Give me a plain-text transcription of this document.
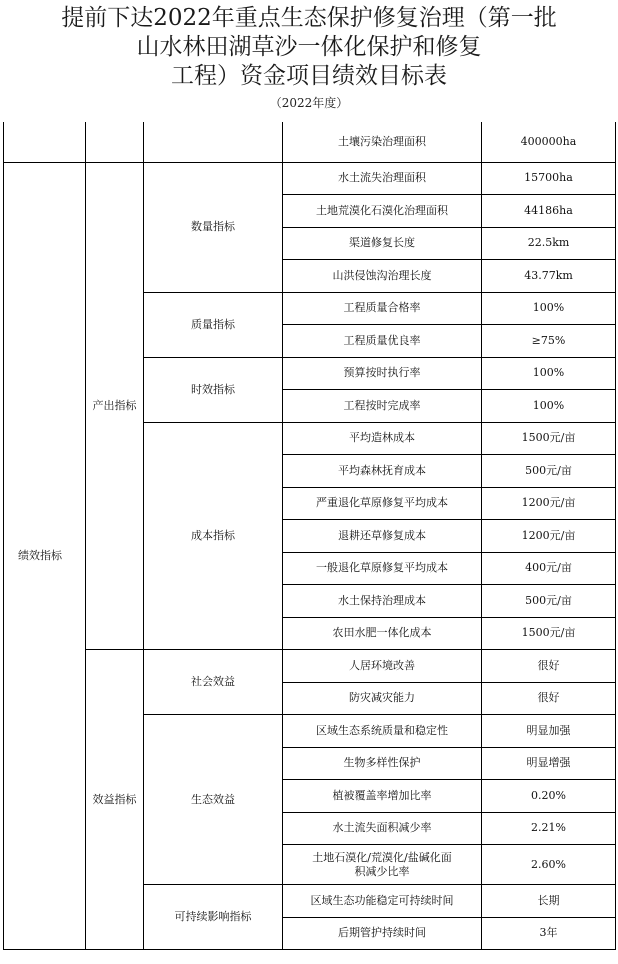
提前下达2022年重点生态保护修复治理（第一批
山水林田湖草沙一体化保护和修复
工程）资金项目绩效目标表
（2022年度）
			土壤污染治理面积	400000ha
绩效指标	产出指标	数量指标	水土流失治理面积	15700ha
			土地荒漠化石漠化治理面积	44186ha
			渠道修复长度	22.5km
			山洪侵蚀沟治理长度	43.77km
		质量指标	工程质量合格率	100%
			工程质量优良率	≥75%
		时效指标	预算按时执行率	100%
			工程按时完成率	100%
		成本指标	平均造林成本	1500元/亩
			平均森林抚育成本	500元/亩
			严重退化草原修复平均成本	1200元/亩
			退耕还草修复成本	1200元/亩
			一般退化草原修复平均成本	400元/亩
			水土保持治理成本	500元/亩
			农田水肥一体化成本	1500元/亩
	效益指标	社会效益	人居环境改善	很好
			防灾减灾能力	很好
		生态效益	区域生态系统质量和稳定性	明显加强
			生物多样性保护	明显增强
			植被覆盖率增加比率	0.20%
			水土流失面积减少率	2.21%
			土地石漠化/荒漠化/盐碱化面积减少比率	2.60%
		可持续影响指标	区域生态功能稳定可持续时间	长期
			后期管护持续时间	3年
